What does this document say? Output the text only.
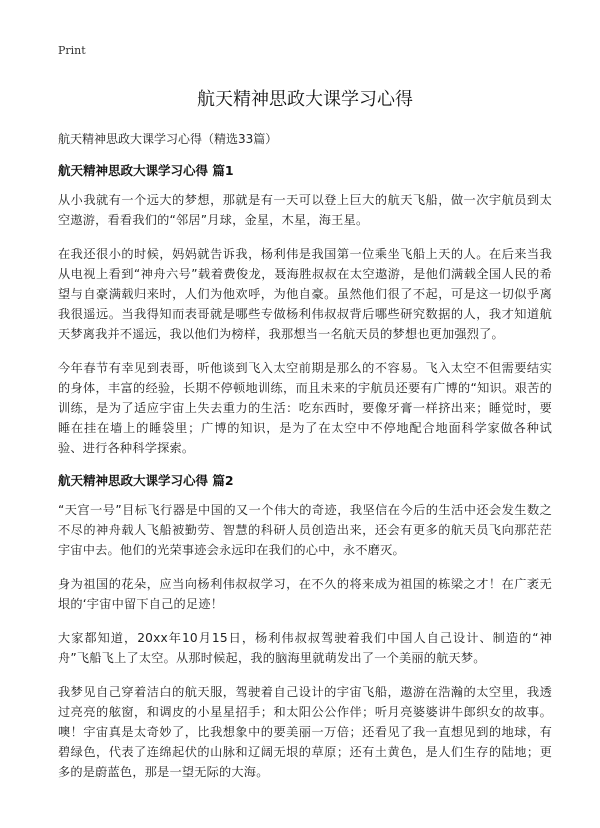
Print
航天精神思政大课学习心得
航天精神思政大课学习心得（精选33篇）
航天精神思政大课学习心得 篇1

从小我就有一个远大的梦想，那就是有一天可以登上巨大的航天飞船，做一次宇航员到太空遨游，看看我们的“邻居”月球，金星，木星，海王星。

在我还很小的时候，妈妈就告诉我，杨利伟是我国第一位乘坐飞船上天的人。在后来当我从电视上看到“神舟六号”载着费俊龙，聂海胜叔叔在太空遨游，是他们满载全国人民的希望与自豪满载归来时，人们为他欢呼，为他自豪。虽然他们很了不起，可是这一切似乎离我很遥远。当我得知而表哥就是哪些专做杨利伟叔叔背后哪些研究数据的人，我才知道航天梦离我并不遥远，我以他们为榜样，我那想当一名航天员的梦想也更加强烈了。

今年春节有幸见到表哥，听他谈到飞入太空前期是那么的不容易。飞入太空不但需要结实的身体，丰富的经验，长期不停顿地训练，而且未来的宇航员还要有广博的“知识。艰苦的训练，是为了适应宇宙上失去重力的生活：吃东西时，要像牙膏一样挤出来；睡觉时，要睡在挂在墙上的睡袋里；广博的知识，是为了在太空中不停地配合地面科学家做各种试验、进行各种科学探索。

航天精神思政大课学习心得 篇2

“天宫一号”目标飞行器是中国的又一个伟大的奇迹，我坚信在今后的生活中还会发生数之不尽的神舟载人飞船被勤劳、智慧的科研人员创造出来，还会有更多的航天员飞向那茫茫宇宙中去。他们的光荣事迹会永远印在我们的心中，永不磨灭。

身为祖国的花朵，应当向杨利伟叔叔学习，在不久的将来成为祖国的栋梁之才！在广袤无垠的‘宇宙中留下自己的足迹！

大家都知道，20xx年10月15日，杨利伟叔叔驾驶着我们中国人自己设计、制造的“神舟”飞船飞上了太空。从那时候起，我的脑海里就萌发出了一个美丽的航天梦。

我梦见自己穿着洁白的航天服，驾驶着自己设计的宇宙飞船，遨游在浩瀚的太空里，我透过亮亮的舷窗，和调皮的小星星招手；和太阳公公作伴；听月亮婆婆讲牛郎织女的故事。噢！宇宙真是太奇妙了，比我想象中的要美丽一万倍；还看见了我一直想见到的地球，有碧绿色，代表了连绵起伏的山脉和辽阔无垠的草原；还有土黄色，是人们生存的陆地；更多的是蔚蓝色，那是一望无际的大海。
